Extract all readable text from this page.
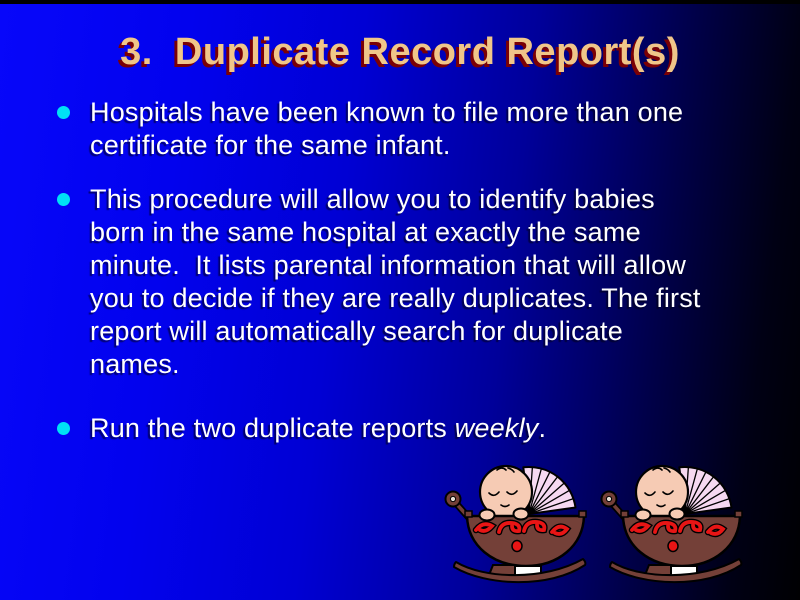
3.  Duplicate Record Report(s)
Hospitals have been known to file more than one certificate for the same infant.
This procedure will allow you to identify babies born in the same hospital at exactly the same minute.  It lists parental information that will allow you to decide if they are really duplicates. The first report will automatically search for duplicate names.
Run the two duplicate reports weekly.
